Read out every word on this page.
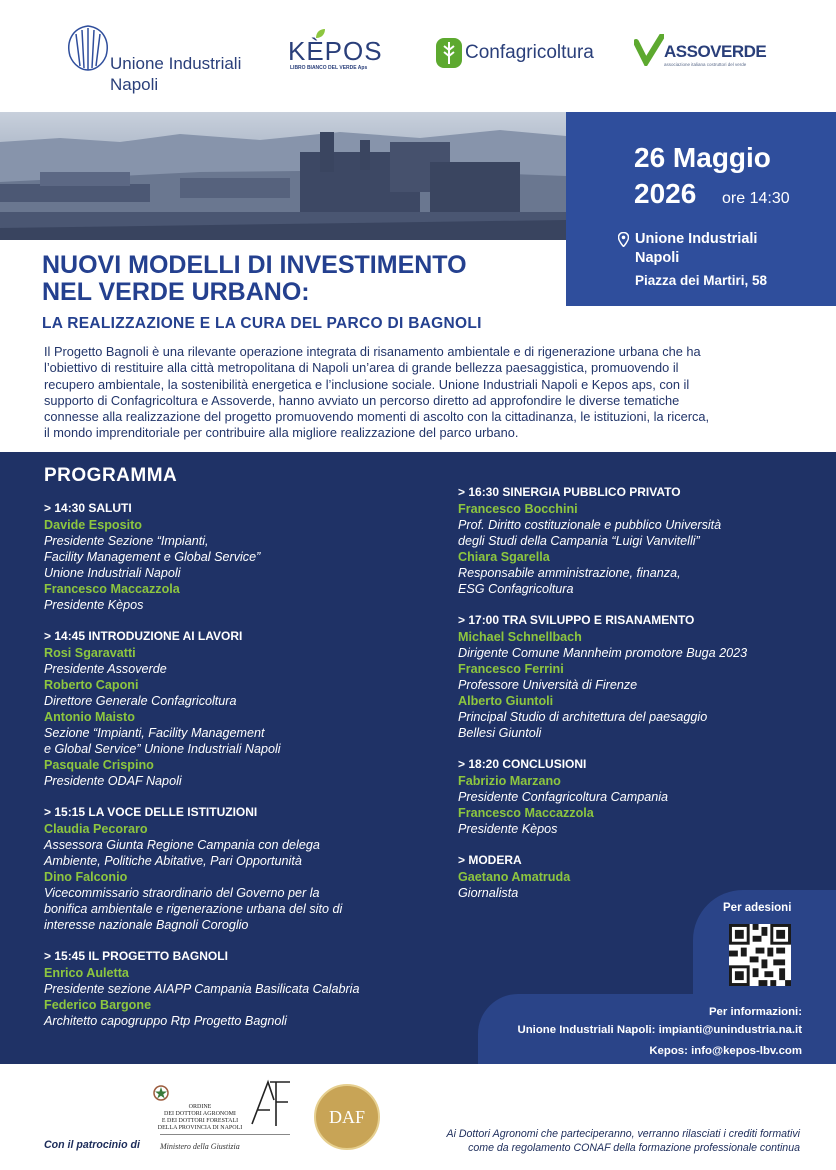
Unione Industriali
Napoli
KÈPOS
LIBRO BIANCO DEL VERDE Aps
Confagricoltura	ASSOVERDE
associazione italiana costruttori del verde
26 Maggio
2026 ore 14:30
Unione Industriali
Napoli
Piazza dei Martiri, 58
NUOVI MODELLI DI INVESTIMENTO
NEL VERDE URBANO:
LA REALIZZAZIONE E LA CURA DEL PARCO DI BAGNOLI
Il Progetto Bagnoli è una rilevante operazione integrata di risanamento ambientale e di rigenerazione urbana che ha
l’obiettivo di restituire alla città metropolitana di Napoli un’area di grande bellezza paesaggistica, promuovendo il
recupero ambientale, la sostenibilità energetica e l’inclusione sociale. Unione Industriali Napoli e Kepos aps, con il
supporto di Confagricoltura e Assoverde, hanno avviato un percorso diretto ad approfondire le diverse tematiche
connesse alla realizzazione del progetto promuovendo momenti di ascolto con la cittadinanza, le istituzioni, la ricerca,
il mondo imprenditoriale per contribuire alla migliore realizzazione del parco urbano.
PROGRAMMA
> 14:30 SALUTI
Davide Esposito
Presidente Sezione “Impianti,
Facility Management e Global Service”
Unione Industriali Napoli
Francesco Maccazzola
Presidente Kèpos
> 14:45 INTRODUZIONE AI LAVORI
Rosi Sgaravatti
Presidente Assoverde
Roberto Caponi
Direttore Generale Confagricoltura
Antonio Maisto
Sezione “Impianti, Facility Management
e Global Service” Unione Industriali Napoli
Pasquale Crispino
Presidente ODAF Napoli
> 15:15 LA VOCE DELLE ISTITUZIONI
Claudia Pecoraro
Assessora Giunta Regione Campania con delega
Ambiente, Politiche Abitative, Pari Opportunità
Dino Falconio
Vicecommissario straordinario del Governo per la
bonifica ambientale e rigenerazione urbana del sito di
interesse nazionale Bagnoli Coroglio
> 15:45 IL PROGETTO BAGNOLI
Enrico Auletta
Presidente sezione AIAPP Campania Basilicata Calabria
Federico Bargone
Architetto capogruppo Rtp Progetto Bagnoli
> 16:30 SINERGIA PUBBLICO PRIVATO
Francesco Bocchini
Prof. Diritto costituzionale e pubblico Università
degli Studi della Campania “Luigi Vanvitelli”
Chiara Sgarella
Responsabile amministrazione, finanza,
ESG Confagricoltura
> 17:00 TRA SVILUPPO E RISANAMENTO
Michael Schnellbach
Dirigente Comune Mannheim promotore Buga 2023
Francesco Ferrini
Professore Università di Firenze
Alberto Giuntoli
Principal Studio di architettura del paesaggio
Bellesi Giuntoli
> 18:20 CONCLUSIONI
Fabrizio Marzano
Presidente Confagricoltura Campania
Francesco Maccazzola
Presidente Kèpos
> MODERA
Gaetano Amatruda
Giornalista
Per adesioni
Per informazioni:
Unione Industriali Napoli: impianti@unindustria.na.it
Kepos: info@kepos-lbv.com
Con il patrocinio di
ORDINE
DEI DOTTORI AGRONOMI
E DEI DOTTORI FORESTALI
DELLA PROVINCIA DI NAPOLI
Ministero della Giustizia
DAF
Ai Dottori Agronomi che parteciperanno, verranno rilasciati i crediti formativi
come da regolamento CONAF della formazione professionale continua
